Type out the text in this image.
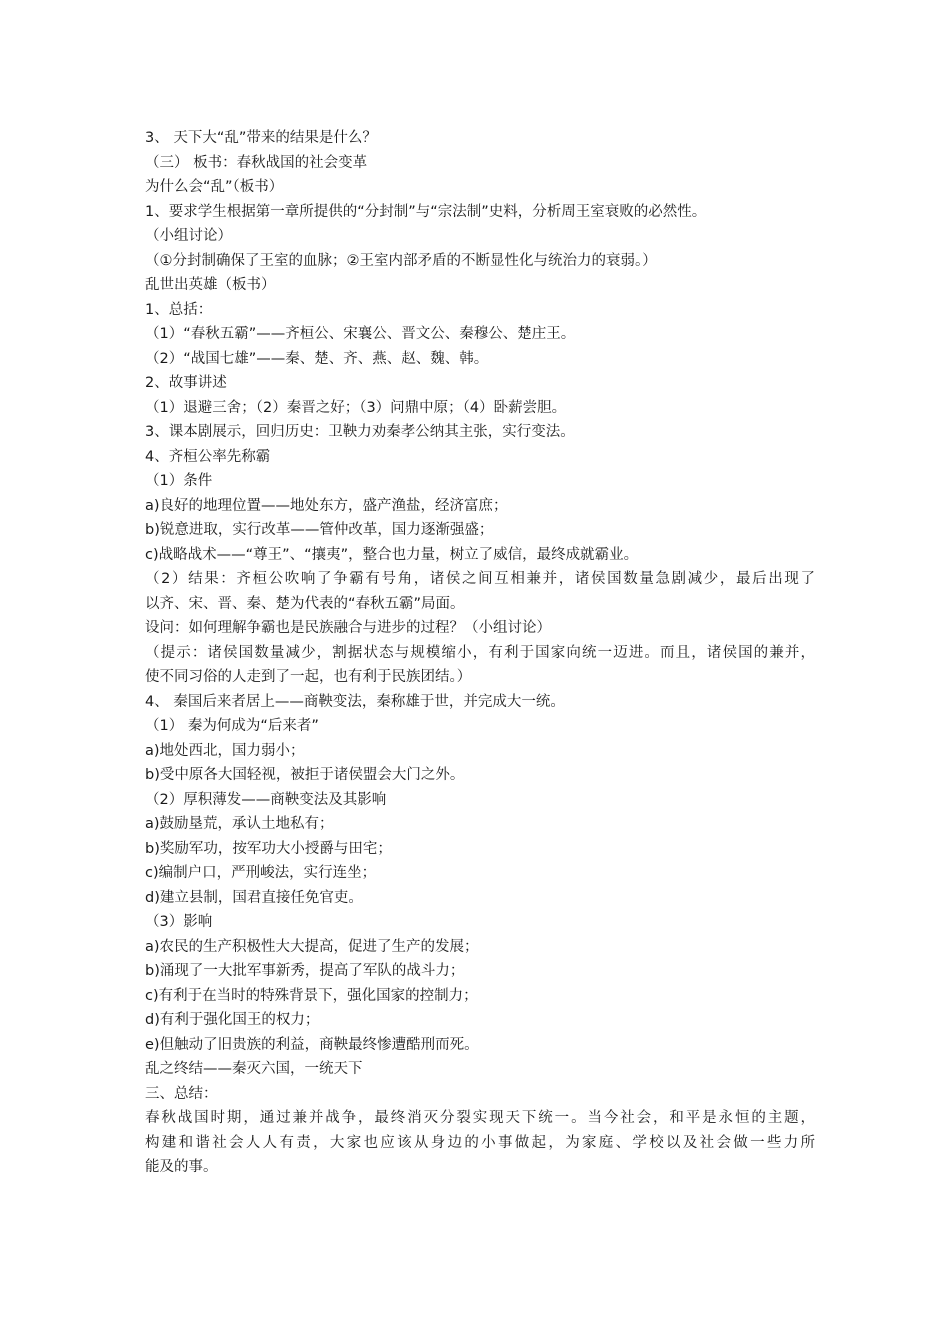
3、 天下大“乱”带来的结果是什么？
（三） 板书：春秋战国的社会变革
为什么会“乱”（板书）
1、要求学生根据第一章所提供的“分封制”与“宗法制”史料，分析周王室衰败的必然性。
（小组讨论）
（①分封制确保了王室的血脉；②王室内部矛盾的不断显性化与统治力的衰弱。）
乱世出英雄（板书）
1、总括：
（1）“春秋五霸”——齐桓公、宋襄公、晋文公、秦穆公、楚庄王。
（2）“战国七雄”——秦、楚、齐、燕、赵、魏、韩。
2、故事讲述
（1）退避三舍；（2）秦晋之好；（3）问鼎中原；（4）卧薪尝胆。
3、课本剧展示，回归历史：卫鞅力劝秦孝公纳其主张，实行变法。
4、齐桓公率先称霸
（1）条件
a)良好的地理位置——地处东方，盛产渔盐，经济富庶；
b)锐意进取，实行改革——管仲改革，国力逐渐强盛；
c)战略战术——“尊王”、“攘夷”，整合也力量，树立了威信，最终成就霸业。
（2）结果：齐桓公吹响了争霸有号角，诸侯之间互相兼并，诸侯国数量急剧减少，最后出现了
以齐、宋、晋、秦、楚为代表的“春秋五霸”局面。
设问：如何理解争霸也是民族融合与进步的过程？（小组讨论）
（提示：诸侯国数量减少，割据状态与规模缩小，有利于国家向统一迈进。而且，诸侯国的兼并，
使不同习俗的人走到了一起，也有利于民族团结。）
4、 秦国后来者居上——商鞅变法，秦称雄于世，并完成大一统。
（1） 秦为何成为“后来者”
a)地处西北，国力弱小；
b)受中原各大国轻视，被拒于诸侯盟会大门之外。
（2）厚积薄发——商鞅变法及其影响
a)鼓励垦荒，承认土地私有；
b)奖励军功，按军功大小授爵与田宅；
c)编制户口，严刑峻法，实行连坐；
d)建立县制，国君直接任免官吏。
（3）影响
a)农民的生产积极性大大提高，促进了生产的发展；
b)涌现了一大批军事新秀，提高了军队的战斗力；
c)有利于在当时的特殊背景下，强化国家的控制力；
d)有利于强化国王的权力；
e)但触动了旧贵族的利益，商鞅最终惨遭酷刑而死。
乱之终结——秦灭六国，一统天下
三、总结：
春秋战国时期，通过兼并战争，最终消灭分裂实现天下统一。当今社会，和平是永恒的主题，
构建和谐社会人人有责，大家也应该从身边的小事做起，为家庭、学校以及社会做一些力所
能及的事。
